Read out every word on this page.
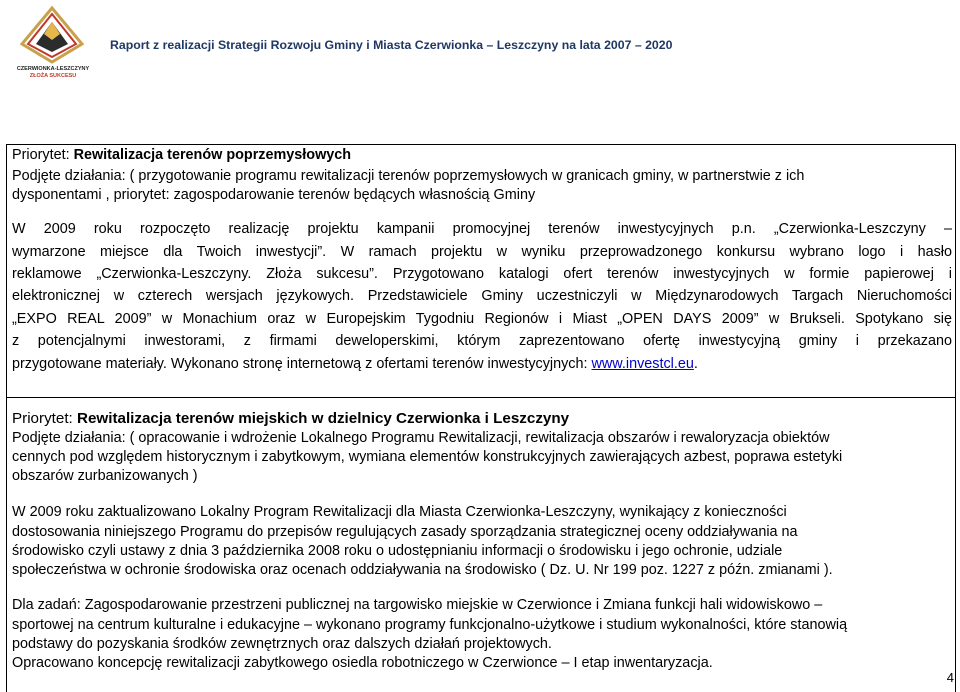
CZERWIONKA-LESZCZYNY
ZŁOŻA SUKCESU
Raport z realizacji Strategii Rozwoju Gminy i Miasta Czerwionka – Leszczyny na lata 2007 – 2020
Priorytet: Rewitalizacja terenów poprzemysłowych
Podjęte działania: ( przygotowanie programu rewitalizacji terenów poprzemysłowych w granicach gminy, w partnerstwie z ich
dysponentami , priorytet: zagospodarowanie terenów będących własnością Gminy
W 2009 roku rozpoczęto realizację projektu kampanii promocyjnej terenów inwestycyjnych p.n. „Czerwionka-Leszczyny –
wymarzone miejsce dla Twoich inwestycji”. W ramach projektu w wyniku przeprowadzonego konkursu wybrano logo i hasło
reklamowe „Czerwionka-Leszczyny. Złoża sukcesu”. Przygotowano katalogi ofert terenów inwestycyjnych w formie papierowej i
elektronicznej w czterech wersjach językowych. Przedstawiciele Gminy uczestniczyli w Międzynarodowych Targach Nieruchomości
„EXPO REAL 2009” w Monachium oraz w Europejskim Tygodniu Regionów i Miast „OPEN DAYS 2009” w Brukseli. Spotykano się
z potencjalnymi inwestorami, z firmami deweloperskimi, którym zaprezentowano ofertę inwestycyjną gminy i przekazano
przygotowane materiały. Wykonano stronę internetową z ofertami terenów inwestycyjnych: www.investcl.eu.
Priorytet: Rewitalizacja terenów miejskich w dzielnicy Czerwionka i Leszczyny
Podjęte działania: ( opracowanie i wdrożenie Lokalnego Programu Rewitalizacji, rewitalizacja obszarów i rewaloryzacja obiektów
cennych pod względem historycznym i zabytkowym, wymiana elementów konstrukcyjnych zawierających azbest, poprawa estetyki
obszarów zurbanizowanych )
W 2009 roku zaktualizowano Lokalny Program Rewitalizacji dla Miasta Czerwionka-Leszczyny, wynikający z konieczności
dostosowania niniejszego Programu do przepisów regulujących zasady sporządzania strategicznej oceny oddziaływania na
środowisko czyli ustawy z dnia 3 października 2008 roku o udostępnianiu informacji o środowisku i jego ochronie, udziale
społeczeństwa w ochronie środowiska oraz ocenach oddziaływania na środowisko ( Dz. U. Nr 199 poz. 1227 z późn. zmianami ).
Dla zadań: Zagospodarowanie przestrzeni publicznej na targowisko miejskie w Czerwionce i Zmiana funkcji hali widowiskowo –
sportowej na centrum kulturalne i edukacyjne – wykonano programy funkcjonalno-użytkowe i studium wykonalności, które stanowią
podstawy do pozyskania środków zewnętrznych oraz dalszych działań projektowych.
Opracowano koncepcję rewitalizacji zabytkowego osiedla robotniczego w Czerwionce – I etap inwentaryzacja.
4
